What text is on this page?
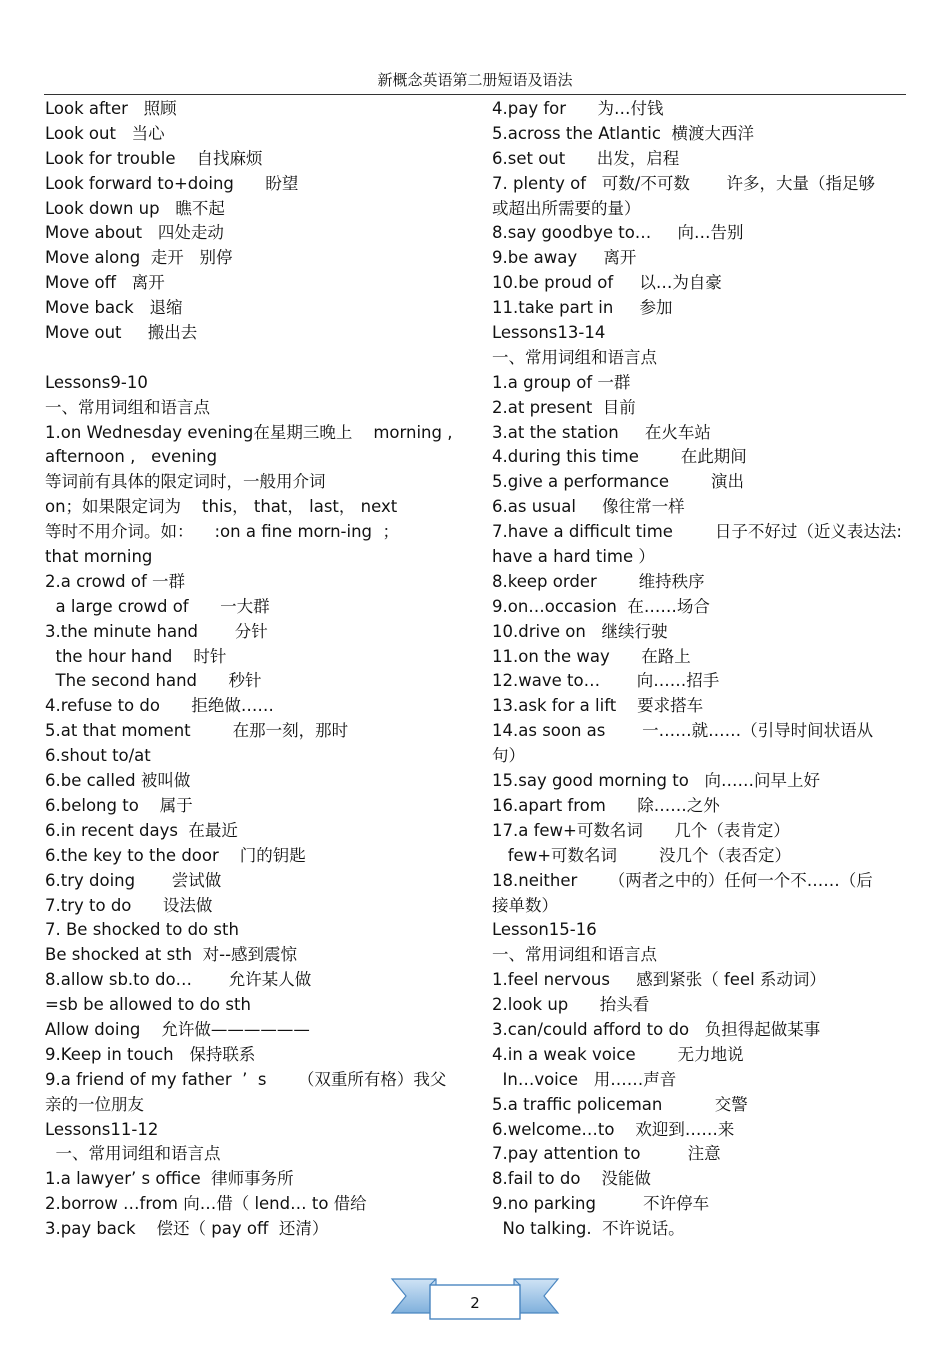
新概念英语第二册短语及语法
Look after   照顾
Look out   当心
Look for trouble    自找麻烦
Look forward to+doing      盼望
Look down up   瞧不起
Move about   四处走动
Move along  走开   别停
Move off   离开
Move back   退缩
Move out     搬出去
Lessons9-10
一、常用词组和语言点
1.on Wednesday evening在星期三晚上    morning ,
afternoon ,   evening
等词前有具体的限定词时，一般用介词
on；如果限定词为    this， that， last， next
等时不用介词。如：    :on a fine morn-ing  ；
that morning
2.a crowd of 一群
a large crowd of      一大群
3.the minute hand       分针
the hour hand    时针
The second hand      秒针
4.refuse to do      拒绝做……
5.at that moment        在那一刻，那时
6.shout to/at
6.be called 被叫做
6.belong to    属于
6.in recent days  在最近
6.the key to the door    门的钥匙
6.try doing       尝试做
7.try to do      设法做
7. Be shocked to do sth
Be shocked at sth  对--感到震惊
8.allow sb.to do…       允许某人做
=sb be allowed to do sth
Allow doing    允许做——————
9.Keep in touch   保持联系
9.a friend of my father  ’  s      （双重所有格）我父
亲的一位朋友
Lessons11-12
一、常用词组和语言点
1.a lawyer’ s office  律师事务所
2.borrow …from 向…借（ lend… to 借给
3.pay back    偿还（ pay off  还清）
4.pay for      为…付钱
5.across the Atlantic  横渡大西洋
6.set out      出发，启程
7. plenty of   可数/不可数       许多，大量（指足够
或超出所需要的量）
8.say goodbye to…     向…告别
9.be away     离开
10.be proud of     以…为自豪
11.take part in     参加
Lessons13-14
一、常用词组和语言点
1.a group of 一群
2.at present  目前
3.at the station     在火车站
4.during this time        在此期间
5.give a performance        演出
6.as usual     像往常一样
7.have a difficult time        日子不好过（近义表达法:
have a hard time ）
8.keep order        维持秩序
9.on…occasion  在……场合
10.drive on   继续行驶
11.on the way      在路上
12.wave to…       向……招手
13.ask for a lift    要求搭车
14.as soon as       一……就……（引导时间状语从
句）
15.say good morning to   向……问早上好
16.apart from      除……之外
17.a few+可数名词      几个（表肯定）
few+可数名词        没几个（表否定）
18.neither      （两者之中的）任何一个不……（后
接单数）
Lesson15-16
一、常用词组和语言点
1.feel nervous     感到紧张（ feel 系动词）
2.look up      抬头看
3.can/could afford to do   负担得起做某事
4.in a weak voice        无力地说
In…voice   用……声音
5.a traffic policeman          交警
6.welcome…to    欢迎到……来
7.pay attention to         注意
8.fail to do    没能做
9.no parking         不许停车
No talking.  不许说话。
2
